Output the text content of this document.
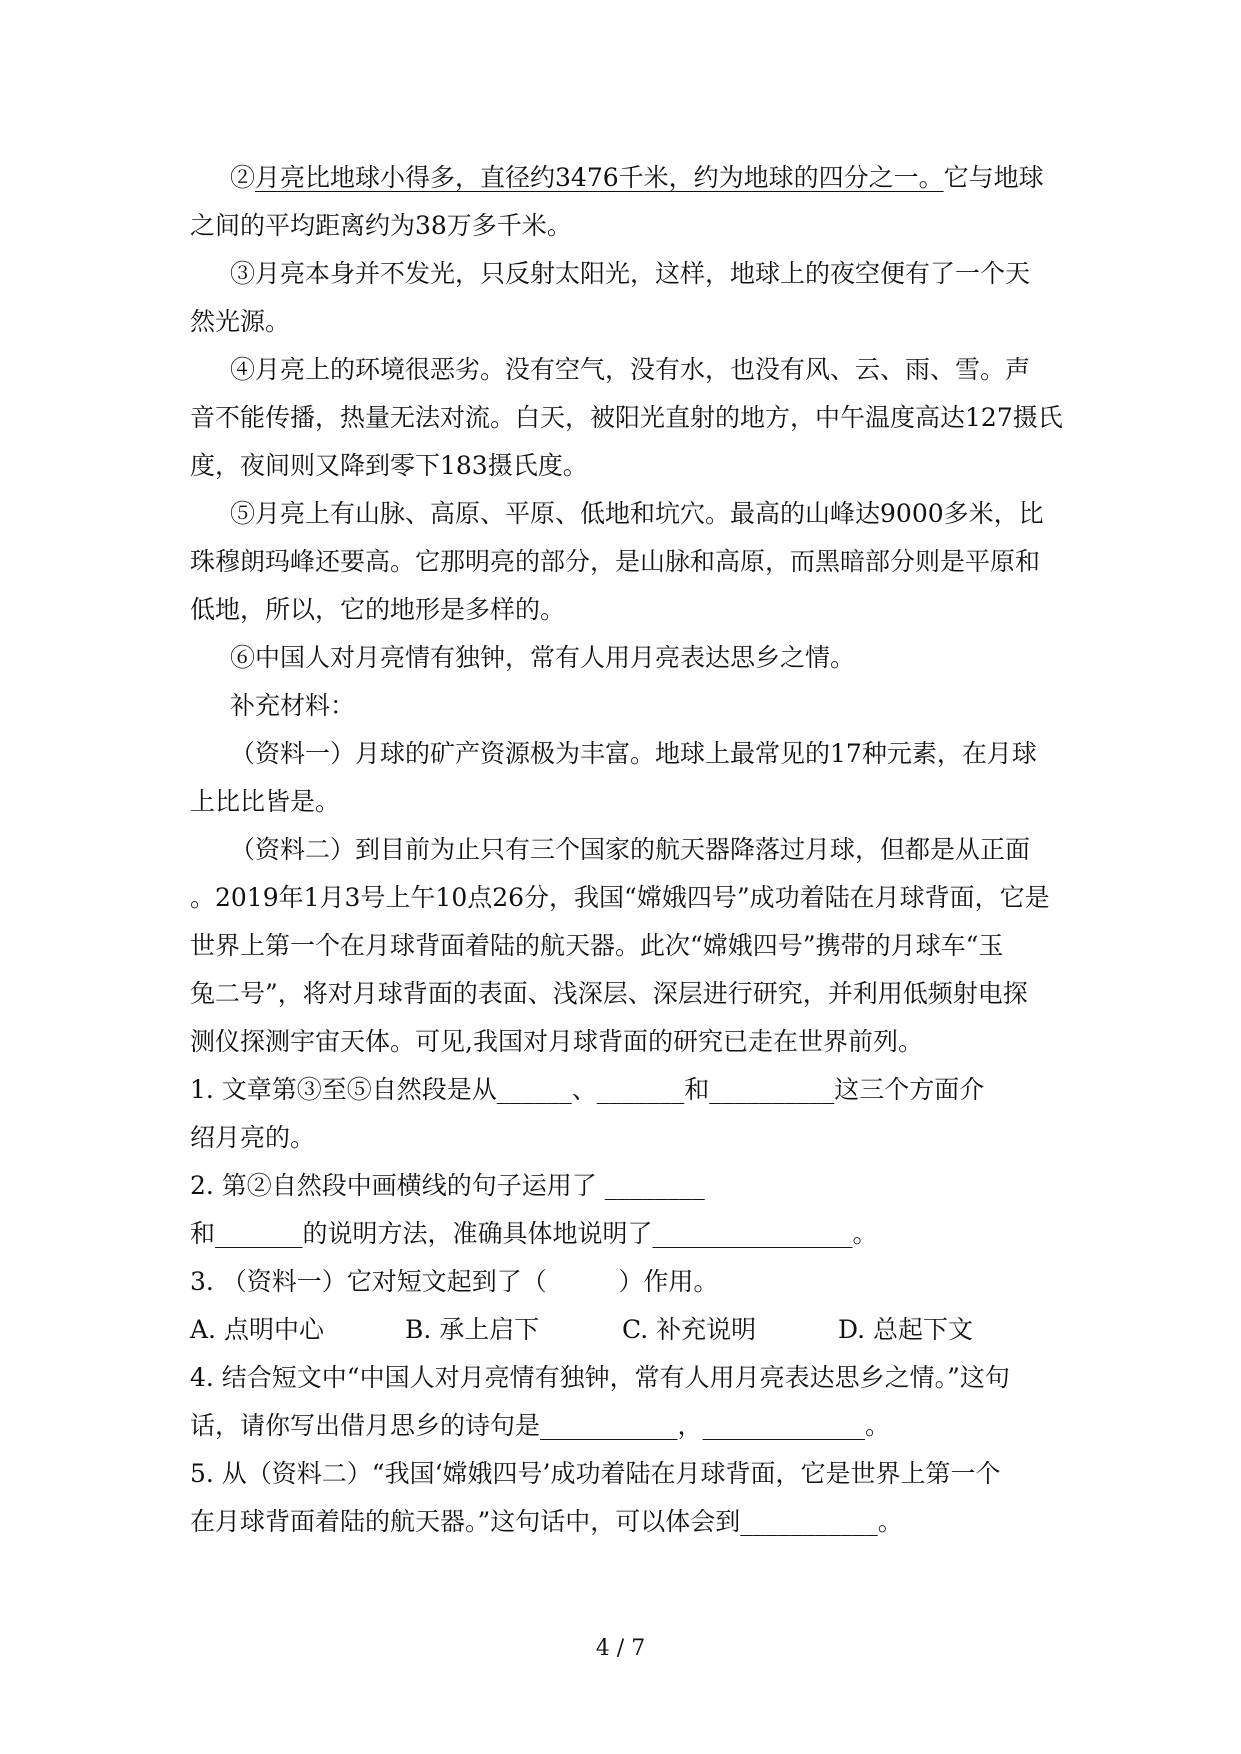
②月亮比地球小得多，直径约3476千米，约为地球的四分之一。它与地球
之间的平均距离约为38万多千米。
③月亮本身并不发光，只反射太阳光，这样，地球上的夜空便有了一个天
然光源。
④月亮上的环境很恶劣。没有空气，没有水，也没有风、云、雨、雪。声
音不能传播，热量无法对流。白天，被阳光直射的地方，中午温度高达127摄氏
度，夜间则又降到零下183摄氏度。
⑤月亮上有山脉、高原、平原、低地和坑穴。最高的山峰达9000多米，比
珠穆朗玛峰还要高。它那明亮的部分，是山脉和高原，而黑暗部分则是平原和
低地，所以，它的地形是多样的。
⑥中国人对月亮情有独钟，常有人用月亮表达思乡之情。
补充材料：
（资料一）月球的矿产资源极为丰富。地球上最常见的17种元素，在月球
上比比皆是。
（资料二）到目前为止只有三个国家的航天器降落过月球，但都是从正面
。2019年1月3号上午10点26分，我国“嫦娥四号”成功着陆在月球背面，它是
世界上第一个在月球背面着陆的航天器。此次“嫦娥四号”携带的月球车“玉
兔二号”，将对月球背面的表面、浅深层、深层进行研究，并利用低频射电探
测仪探测宇宙天体。可见,我国对月球背面的研究已走在世界前列。
1. 文章第③至⑤自然段是从______、_______和__________这三个方面介
绍月亮的。
2. 第②自然段中画横线的句子运用了 ________
和_______的说明方法，准确具体地说明了________________。
3. （资料一）它对短文起到了（         ）作用。
A. 点明中心	B. 承上启下	C. 补充说明	D. 总起下文
4. 结合短文中“中国人对月亮情有独钟，常有人用月亮表达思乡之情。”这句
话，请你写出借月思乡的诗句是___________，_____________。
5. 从（资料二）“我国‘嫦娥四号’成功着陆在月球背面，它是世界上第一个
在月球背面着陆的航天器。”这句话中，可以体会到___________。
4 / 7
